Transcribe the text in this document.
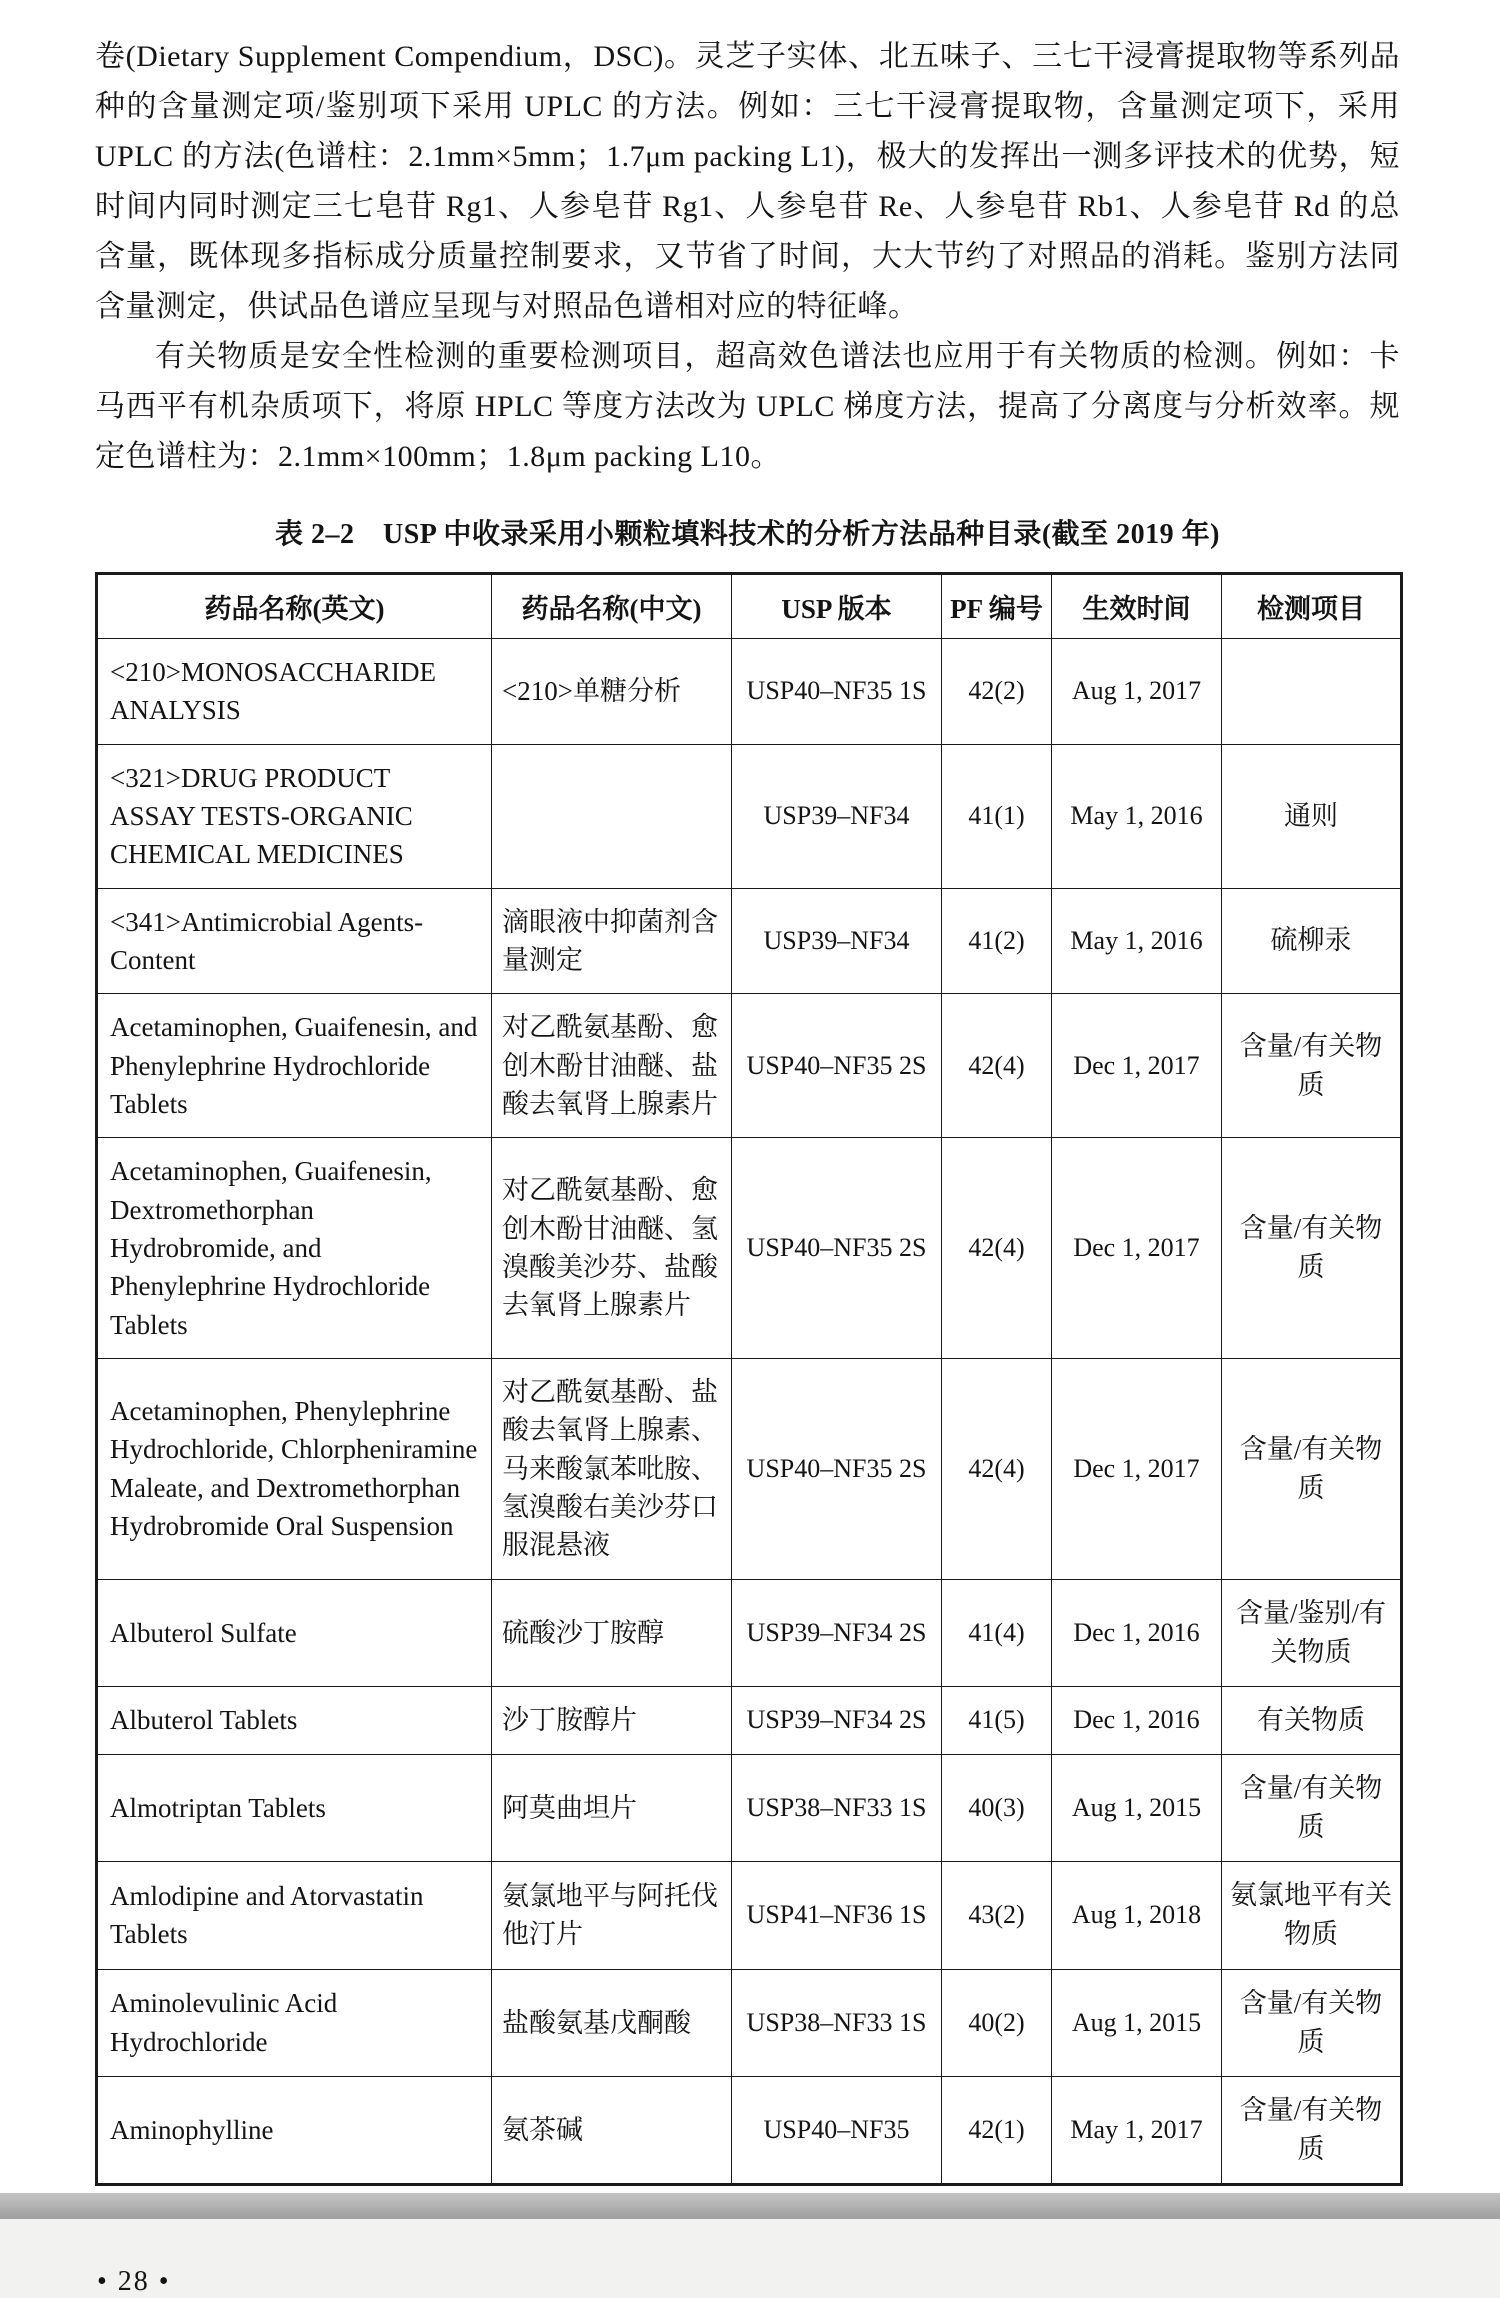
卷(Dietary Supplement Compendium，DSC)。灵芝子实体、北五味子、三七干浸膏提取物等系列品种的含量测定项/鉴别项下采用 UPLC 的方法。例如：三七干浸膏提取物，含量测定项下，采用 UPLC 的方法(色谱柱：2.1mm×5mm；1.7μm packing L1)，极大的发挥出一测多评技术的优势，短时间内同时测定三七皂苷 Rg1、人参皂苷 Rg1、人参皂苷 Re、人参皂苷 Rb1、人参皂苷 Rd 的总含量，既体现多指标成分质量控制要求，又节省了时间，大大节约了对照品的消耗。鉴别方法同含量测定，供试品色谱应呈现与对照品色谱相对应的特征峰。

有关物质是安全性检测的重要检测项目，超高效色谱法也应用于有关物质的检测。例如：卡马西平有机杂质项下，将原 HPLC 等度方法改为 UPLC 梯度方法，提高了分离度与分析效率。规定色谱柱为：2.1mm×100mm；1.8μm packing L10。

表 2–2　USP 中收录采用小颗粒填料技术的分析方法品种目录(截至 2019 年)
药品名称(英文)	药品名称(中文)	USP 版本	PF 编号	生效时间	检测项目
<210>MONOSACCHARIDE ANALYSIS	<210>单糖分析	USP40–NF35 1S	42(2)	Aug 1, 2017	
<321>DRUG PRODUCT ASSAY TESTS-ORGANIC CHEMICAL MEDICINES		USP39–NF34	41(1)	May 1, 2016	通则
<341>Antimicrobial Agents-Content	滴眼液中抑菌剂含量测定	USP39–NF34	41(2)	May 1, 2016	硫柳汞
Acetaminophen, Guaifenesin, and Phenylephrine Hydrochloride Tablets	对乙酰氨基酚、愈创木酚甘油醚、盐酸去氧肾上腺素片	USP40–NF35 2S	42(4)	Dec 1, 2017	含量/有关物质
Acetaminophen, Guaifenesin, Dextromethorphan Hydrobromide, and Phenylephrine Hydrochloride Tablets	对乙酰氨基酚、愈创木酚甘油醚、氢溴酸美沙芬、盐酸去氧肾上腺素片	USP40–NF35 2S	42(4)	Dec 1, 2017	含量/有关物质
Acetaminophen, Phenylephrine Hydrochloride, Chlorpheniramine Maleate, and Dextromethorphan Hydrobromide Oral Suspension	对乙酰氨基酚、盐酸去氧肾上腺素、马来酸氯苯吡胺、氢溴酸右美沙芬口服混悬液	USP40–NF35 2S	42(4)	Dec 1, 2017	含量/有关物质
Albuterol Sulfate	硫酸沙丁胺醇	USP39–NF34 2S	41(4)	Dec 1, 2016	含量/鉴别/有关物质
Albuterol Tablets	沙丁胺醇片	USP39–NF34 2S	41(5)	Dec 1, 2016	有关物质
Almotriptan Tablets	阿莫曲坦片	USP38–NF33 1S	40(3)	Aug 1, 2015	含量/有关物质
Amlodipine and Atorvastatin Tablets	氨氯地平与阿托伐他汀片	USP41–NF36 1S	43(2)	Aug 1, 2018	氨氯地平有关物质
Aminolevulinic Acid Hydrochloride	盐酸氨基戊酮酸	USP38–NF33 1S	40(2)	Aug 1, 2015	含量/有关物质
Aminophylline	氨茶碱	USP40–NF35	42(1)	May 1, 2017	含量/有关物质
• 28 •
